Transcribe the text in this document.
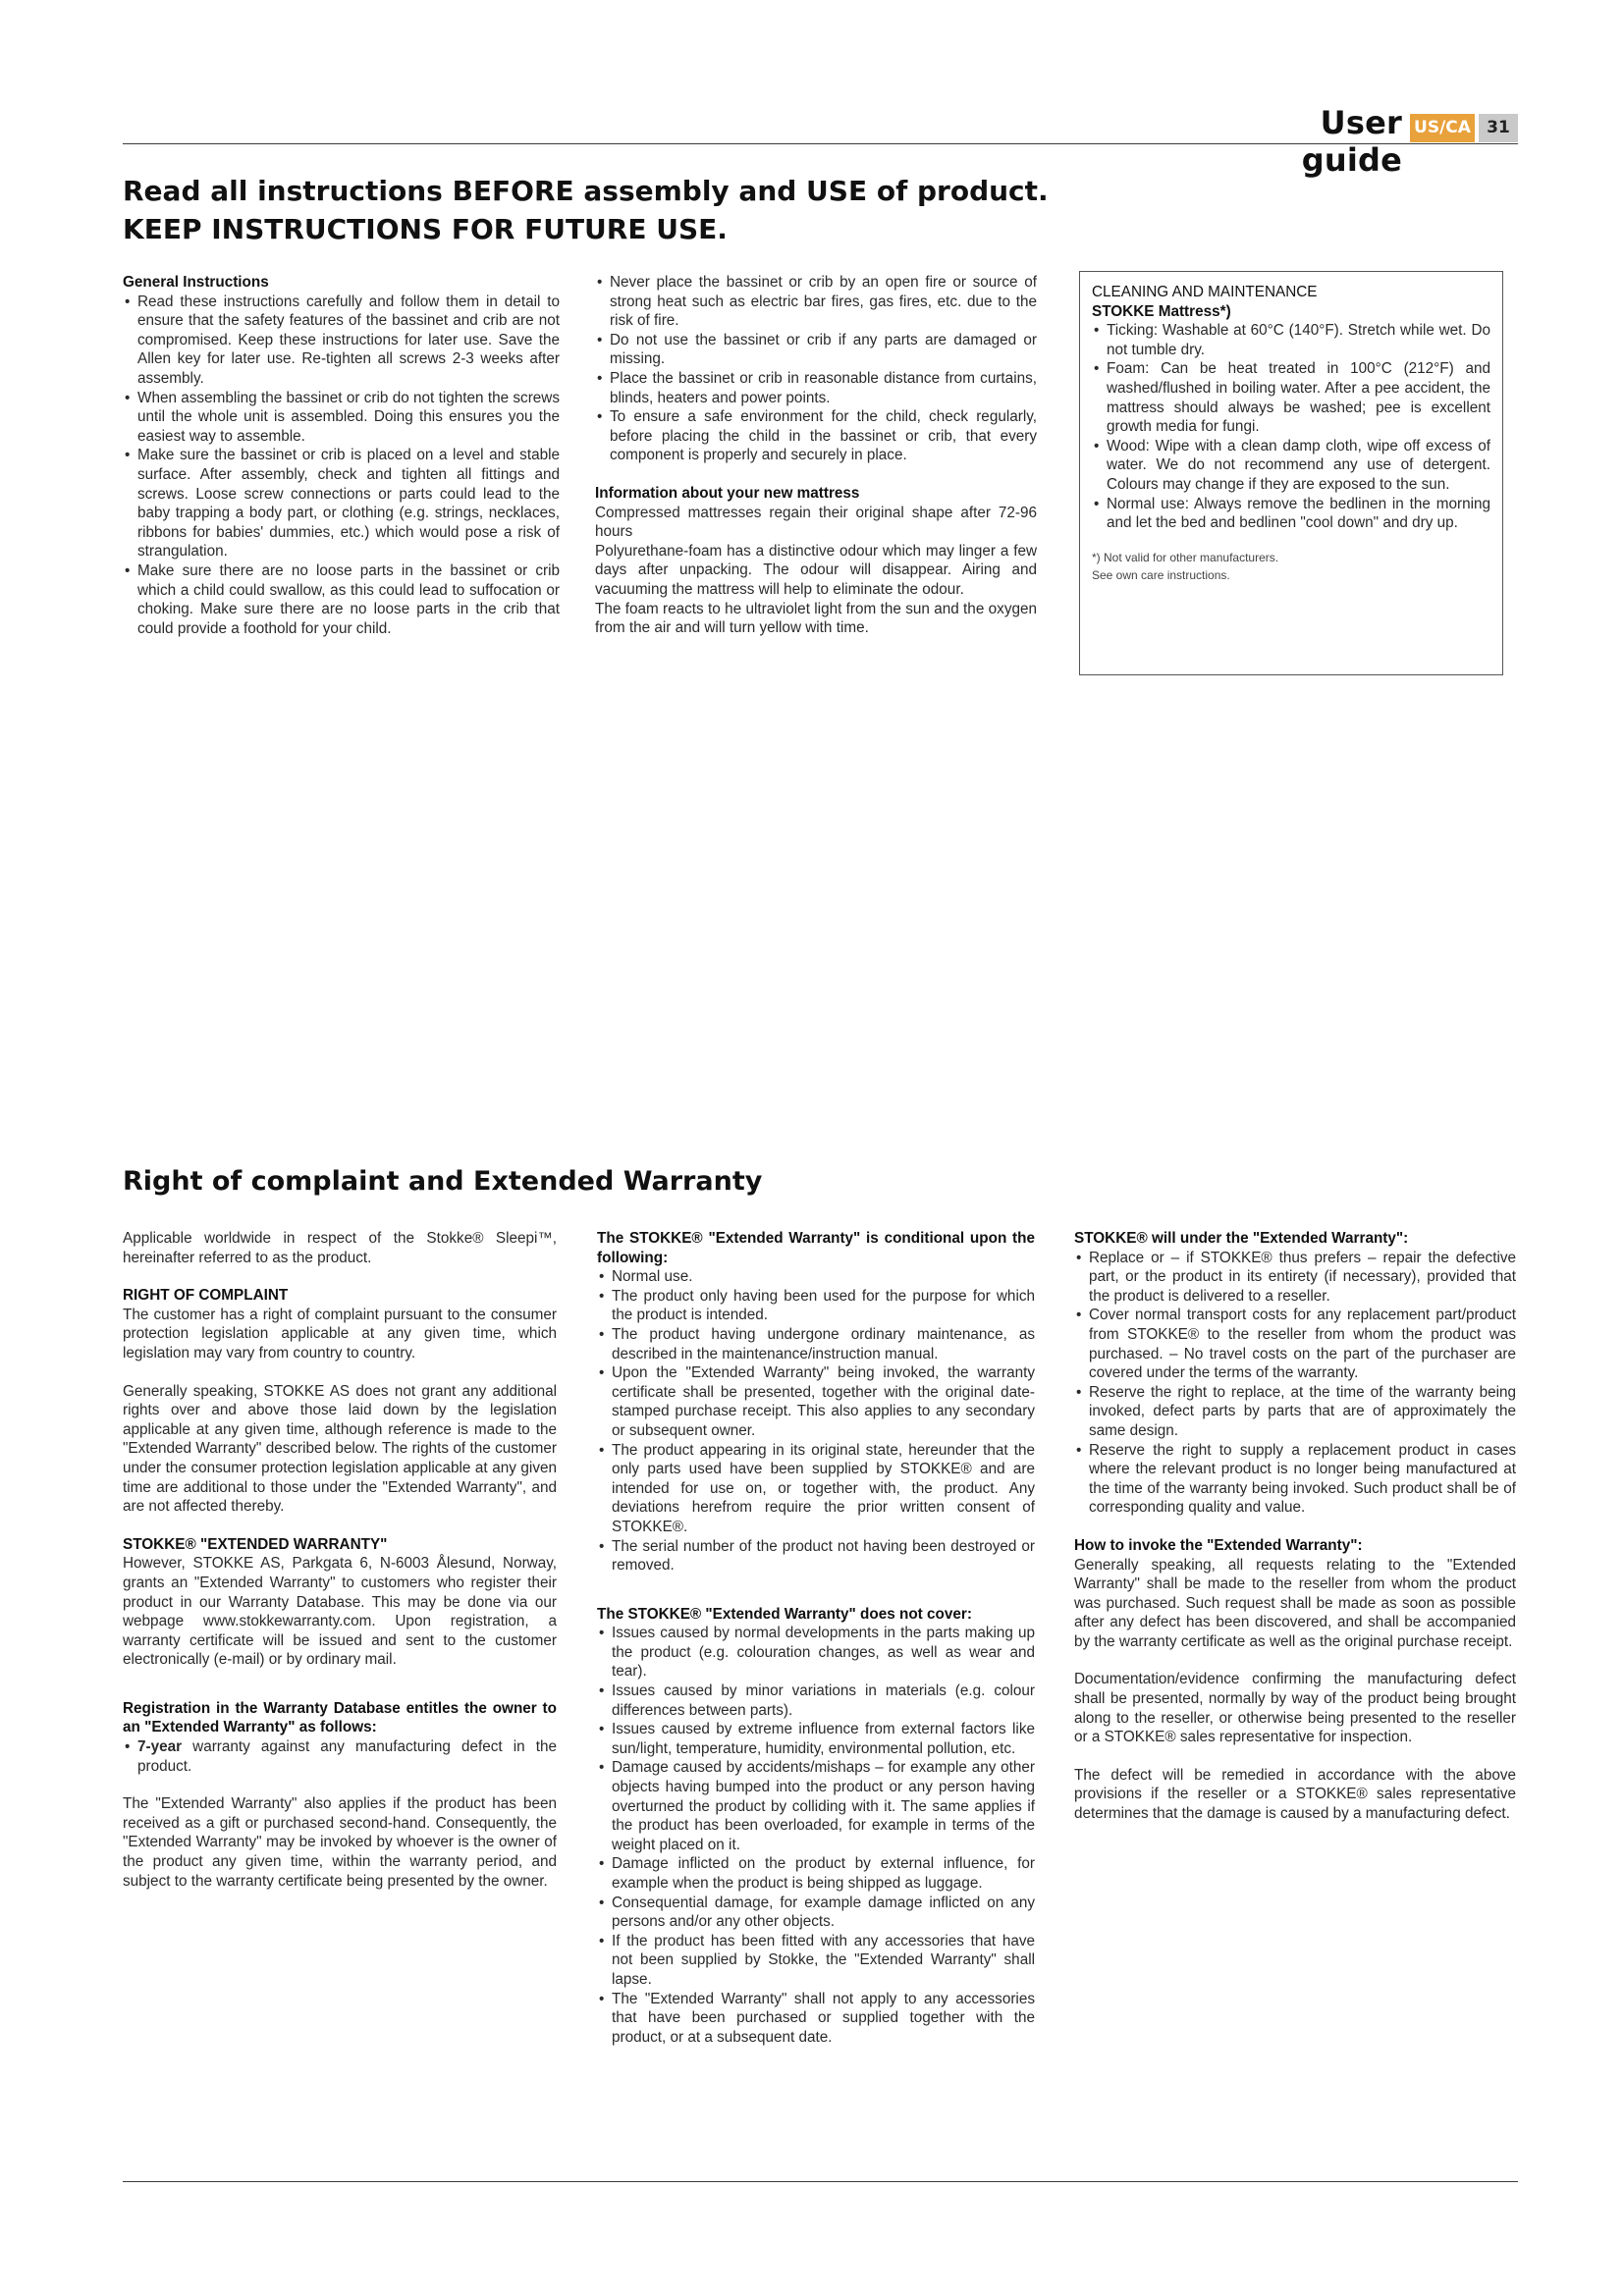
User guide
US/CA 31
Read all instructions BEFORE assembly and USE of product.
KEEP INSTRUCTIONS FOR FUTURE USE.

General Instructions

• Read these instructions carefully and follow them in detail to ensure that the safety features of the bassinet and crib are not compromised. Keep these instructions for later use. Save the Allen key for later use. Re-tighten all screws 2-3 weeks after assembly.
• When assembling the bassinet or crib do not tighten the screws until the whole unit is assembled. Doing this ensures you the easiest way to assemble.
• Make sure the bassinet or crib is placed on a level and stable surface. After assembly, check and tighten all fittings and screws. Loose screw connections or parts could lead to the baby trapping a body part, or clothing (e.g. strings, necklaces, ribbons for babies' dummies, etc.) which would pose a risk of strangulation.
• Make sure there are no loose parts in the bassinet or crib which a child could swallow, as this could lead to suffocation or choking. Make sure there are no loose parts in the crib that could provide a foothold for your child.
• Never place the bassinet or crib by an open fire or source of strong heat such as electric bar fires, gas fires, etc. due to the risk of fire.
• Do not use the bassinet or crib if any parts are damaged or missing.
• Place the bassinet or crib in reasonable distance from curtains, blinds, heaters and power points.
• To ensure a safe environment for the child, check regularly, before placing the child in the bassinet or crib, that every component is properly and securely in place.

Information about your new mattress

Compressed mattresses regain their original shape after 72-96 hours

Polyurethane-foam has a distinctive odour which may linger a few days after unpacking. The odour will disappear. Airing and vacuuming the mattress will help to eliminate the odour.

The foam reacts to he ultraviolet light from the sun and the oxygen from the air and will turn yellow with time.

CLEANING AND MAINTENANCE

STOKKE Mattress*)

• Ticking: Washable at 60°C (140°F). Stretch while wet. Do not tumble dry.
• Foam: Can be heat treated in 100°C (212°F) and washed/flushed in boiling water. After a pee accident, the mattress should always be washed; pee is excellent growth media for fungi.
• Wood: Wipe with a clean damp cloth, wipe off excess of water. We do not recommend any use of detergent. Colours may change if they are exposed to the sun.
• Normal use: Always remove the bedlinen in the morning and let the bed and bedlinen "cool down" and dry up.

*) Not valid for other manufacturers.

See own care instructions.

Right of complaint and Extended Warranty

Applicable worldwide in respect of the Stokke® Sleepi™, hereinafter referred to as the product.

RIGHT OF COMPLAINT

The customer has a right of complaint pursuant to the consumer protection legislation applicable at any given time, which legislation may vary from country to country.

Generally speaking, STOKKE AS does not grant any additional rights over and above those laid down by the legislation applicable at any given time, although reference is made to the "Extended Warranty" described below. The rights of the customer under the consumer protection legislation applicable at any given time are additional to those under the "Extended Warranty", and are not affected thereby.

STOKKE® "EXTENDED WARRANTY"

However, STOKKE AS, Parkgata 6, N-6003 Ålesund, Norway, grants an "Extended Warranty" to customers who register their product in our Warranty Database. This may be done via our webpage www.stokkewarranty.com. Upon registration, a warranty certificate will be issued and sent to the customer electronically (e-mail) or by ordinary mail.

Registration in the Warranty Database entitles the owner to an "Extended Warranty" as follows:

• 7-year warranty against any manufacturing defect in the product.

The "Extended Warranty" also applies if the product has been received as a gift or purchased second-hand. Consequently, the "Extended Warranty" may be invoked by whoever is the owner of the product any given time, within the warranty period, and subject to the warranty certificate being presented by the owner.

The STOKKE® "Extended Warranty" is conditional upon the following:

• Normal use.
• The product only having been used for the purpose for which the product is intended.
• The product having undergone ordinary maintenance, as described in the maintenance/instruction manual.
• Upon the "Extended Warranty" being invoked, the warranty certificate shall be presented, together with the original date-stamped purchase receipt. This also applies to any secondary or subsequent owner.
• The product appearing in its original state, hereunder that the only parts used have been supplied by STOKKE® and are intended for use on, or together with, the product. Any deviations herefrom require the prior written consent of STOKKE®.
• The serial number of the product not having been destroyed or removed.

The STOKKE® "Extended Warranty" does not cover:

• Issues caused by normal developments in the parts making up the product (e.g. colouration changes, as well as wear and tear).
• Issues caused by minor variations in materials (e.g. colour differences between parts).
• Issues caused by extreme influence from external factors like sun/light, temperature, humidity, environmental pollution, etc.
• Damage caused by accidents/mishaps – for example any other objects having bumped into the product or any person having overturned the product by colliding with it. The same applies if the product has been overloaded, for example in terms of the weight placed on it.
• Damage inflicted on the product by external influence, for example when the product is being shipped as luggage.
• Consequential damage, for example damage inflicted on any persons and/or any other objects.
• If the product has been fitted with any accessories that have not been supplied by Stokke, the "Extended Warranty" shall lapse.
• The "Extended Warranty" shall not apply to any accessories that have been purchased or supplied together with the product, or at a subsequent date.

STOKKE® will under the "Extended Warranty":

• Replace or – if STOKKE® thus prefers – repair the defective part, or the product in its entirety (if necessary), provided that the product is delivered to a reseller.
• Cover normal transport costs for any replacement part/product from STOKKE® to the reseller from whom the product was purchased. – No travel costs on the part of the purchaser are covered under the terms of the warranty.
• Reserve the right to replace, at the time of the warranty being invoked, defect parts by parts that are of approximately the same design.
• Reserve the right to supply a replacement product in cases where the relevant product is no longer being manufactured at the time of the warranty being invoked. Such product shall be of corresponding quality and value.

How to invoke the "Extended Warranty":

Generally speaking, all requests relating to the "Extended Warranty" shall be made to the reseller from whom the product was purchased. Such request shall be made as soon as possible after any defect has been discovered, and shall be accompanied by the warranty certificate as well as the original purchase receipt.

Documentation/evidence confirming the manufacturing defect shall be presented, normally by way of the product being brought along to the reseller, or otherwise being presented to the reseller or a STOKKE® sales representative for inspection.

The defect will be remedied in accordance with the above provisions if the reseller or a STOKKE® sales representative determines that the damage is caused by a manufacturing defect.
